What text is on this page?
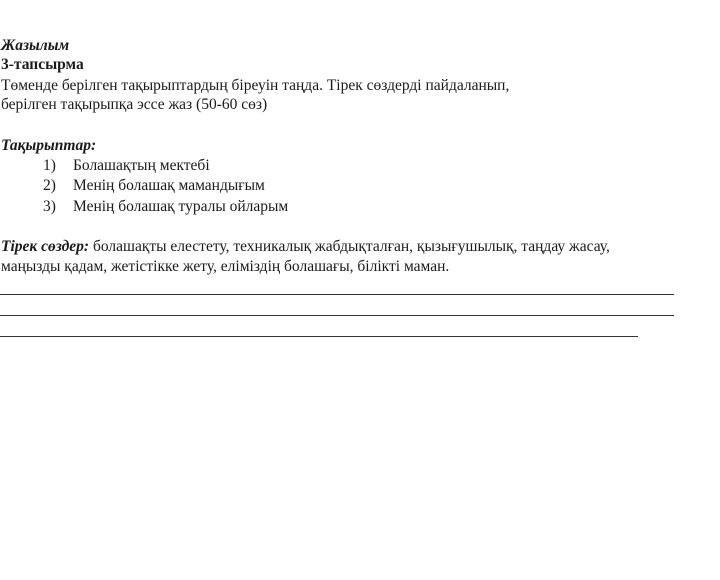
Жазылым
3-тапсырма
Төменде берілген тақырыптардың біреуін таңда. Тірек сөздерді пайдаланып,
берілген тақырыпқа эссе жаз (50-60 сөз)
Тақырыптар:
1) Болашақтың мектебі
2) Менің болашақ мамандығым
3) Менің болашақ туралы ойларым
Тірек сөздер: болашақты елестету, техникалық жабдықталған, қызығушылық, таңдау жасау,
маңызды қадам, жетістікке жету, еліміздің болашағы, білікті маман.
